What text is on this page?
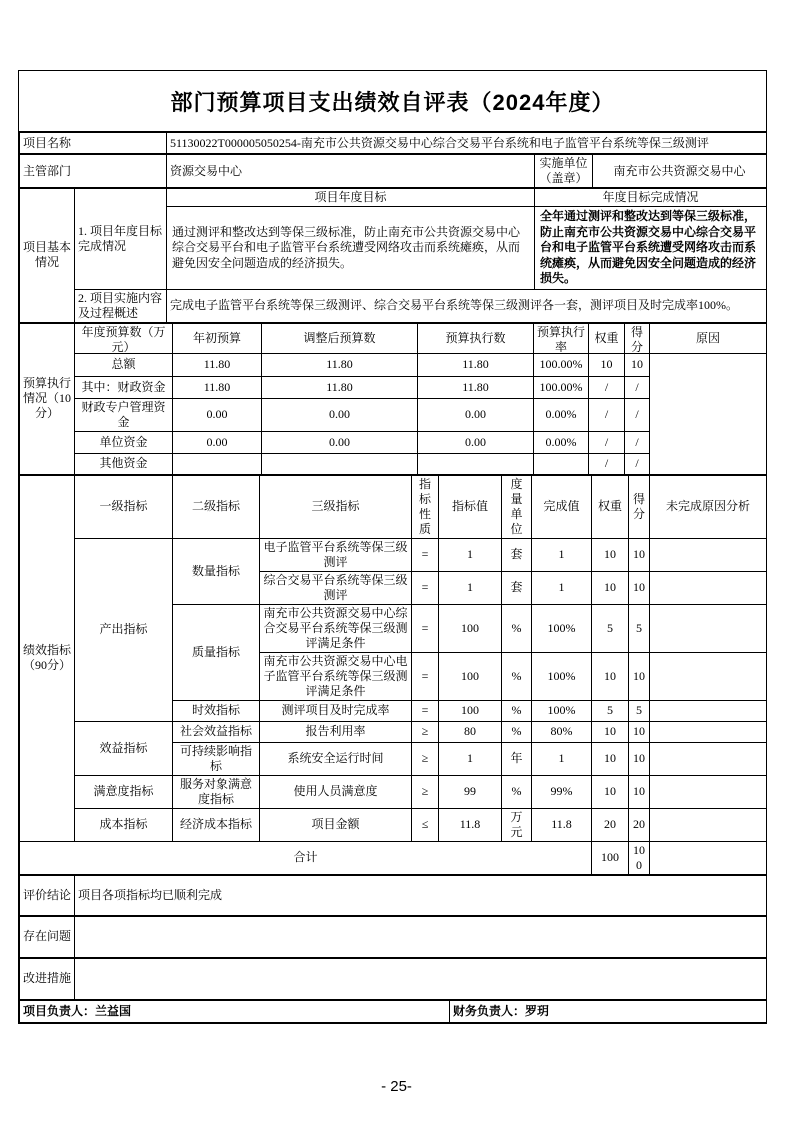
部门预算项目支出绩效自评表（2024年度）
项目名称	51130022T000005050254-南充市公共资源交易中心综合交易平台系统和电子监管平台系统等保三级测评
主管部门	资源交易中心	实施单位（盖章）	南充市公共资源交易中心
项目基本情况	1. 项目年度目标完成情况	项目年度目标	年度目标完成情况
		通过测评和整改达到等保三级标准，防止南充市公共资源交易中心综合交易平台和电子监管平台系统遭受网络攻击而系统瘫痪，从而避免因安全问题造成的经济损失。	全年通过测评和整改达到等保三级标准，防止南充市公共资源交易中心综合交易平台和电子监管平台系统遭受网络攻击而系统瘫痪，从而避免因安全问题造成的经济损失。
	2. 项目实施内容及过程概述	完成电子监管平台系统等保三级测评、综合交易平台系统等保三级测评各一套，测评项目及时完成率100%。	
预算执行情况（10分）	年度预算数（万元）	年初预算	调整后预算数	预算执行数	预算执行率	权重	得分	原因
	总额	11.80	11.80	11.80	100.00%	10	10	
	其中：财政资金	11.80	11.80	11.80	100.00%	/	/	
	财政专户管理资金	0.00	0.00	0.00	0.00%	/	/	
	单位资金	0.00	0.00	0.00	0.00%	/	/	
	其他资金					/	/	
绩效指标（90分）	一级指标	二级指标	三级指标	指标性质	指标值	度量单位	完成值	权重	得分	未完成原因分析
	产出指标	数量指标	电子监管平台系统等保三级测评	=	1	套	1	10	10	
			综合交易平台系统等保三级测评	=	1	套	1	10	10	
		质量指标	南充市公共资源交易中心综合交易平台系统等保三级测评满足条件	=	100	%	100%	5	5	
			南充市公共资源交易中心电子监管平台系统等保三级测评满足条件	=	100	%	100%	10	10	
		时效指标	测评项目及时完成率	=	100	%	100%	5	5	
	效益指标	社会效益指标	报告利用率	≥	80	%	80%	10	10	
		可持续影响指标	系统安全运行时间	≥	1	年	1	10	10	
	满意度指标	服务对象满意度指标	使用人员满意度	≥	99	%	99%	10	10	
	成本指标	经济成本指标	项目金额	≤	11.8	万元	11.8	20	20	
合计								100	100	
评价结论	项目各项指标均已顺利完成
存在问题	
改进措施	
项目负责人：兰益国	财务负责人：罗玥
- 25-
